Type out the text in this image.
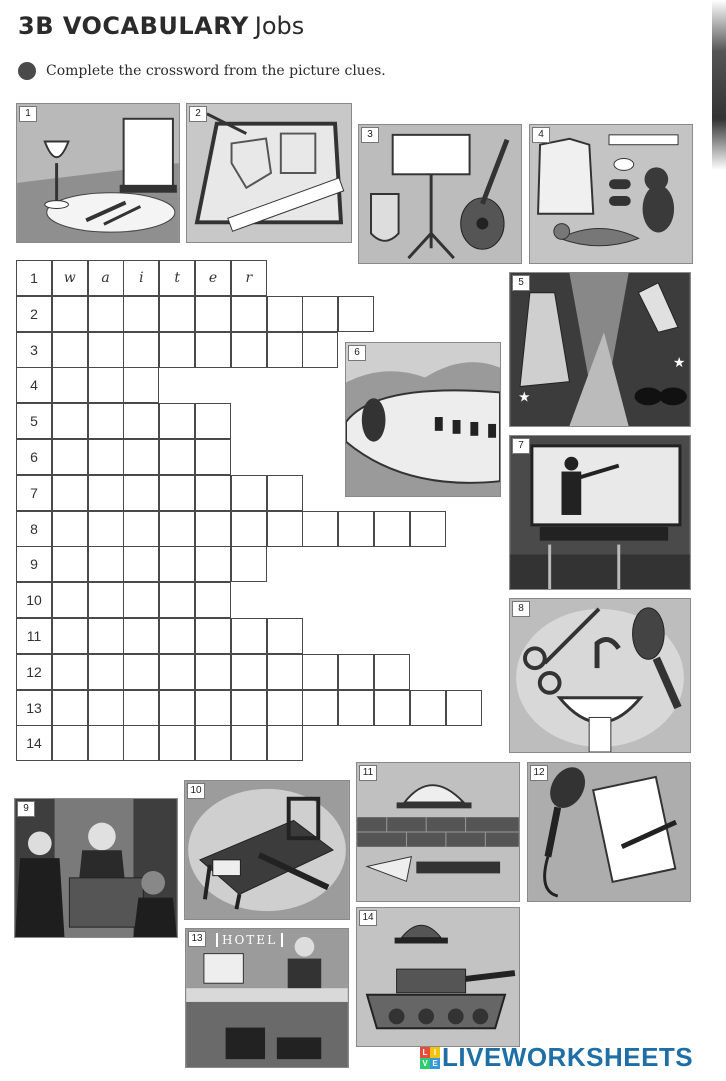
3B VOCABULARY Jobs
Complete the crossword from the picture clues.
1	2
3	4
5
★
★
6
7
8
9
10
11	12
13	HOTEL
14
1	w	a	i	t	e	r
2
3
4
5
6
7
8
9
10
11
12
13
14
L I
V E LIVEWORKSHEETS
